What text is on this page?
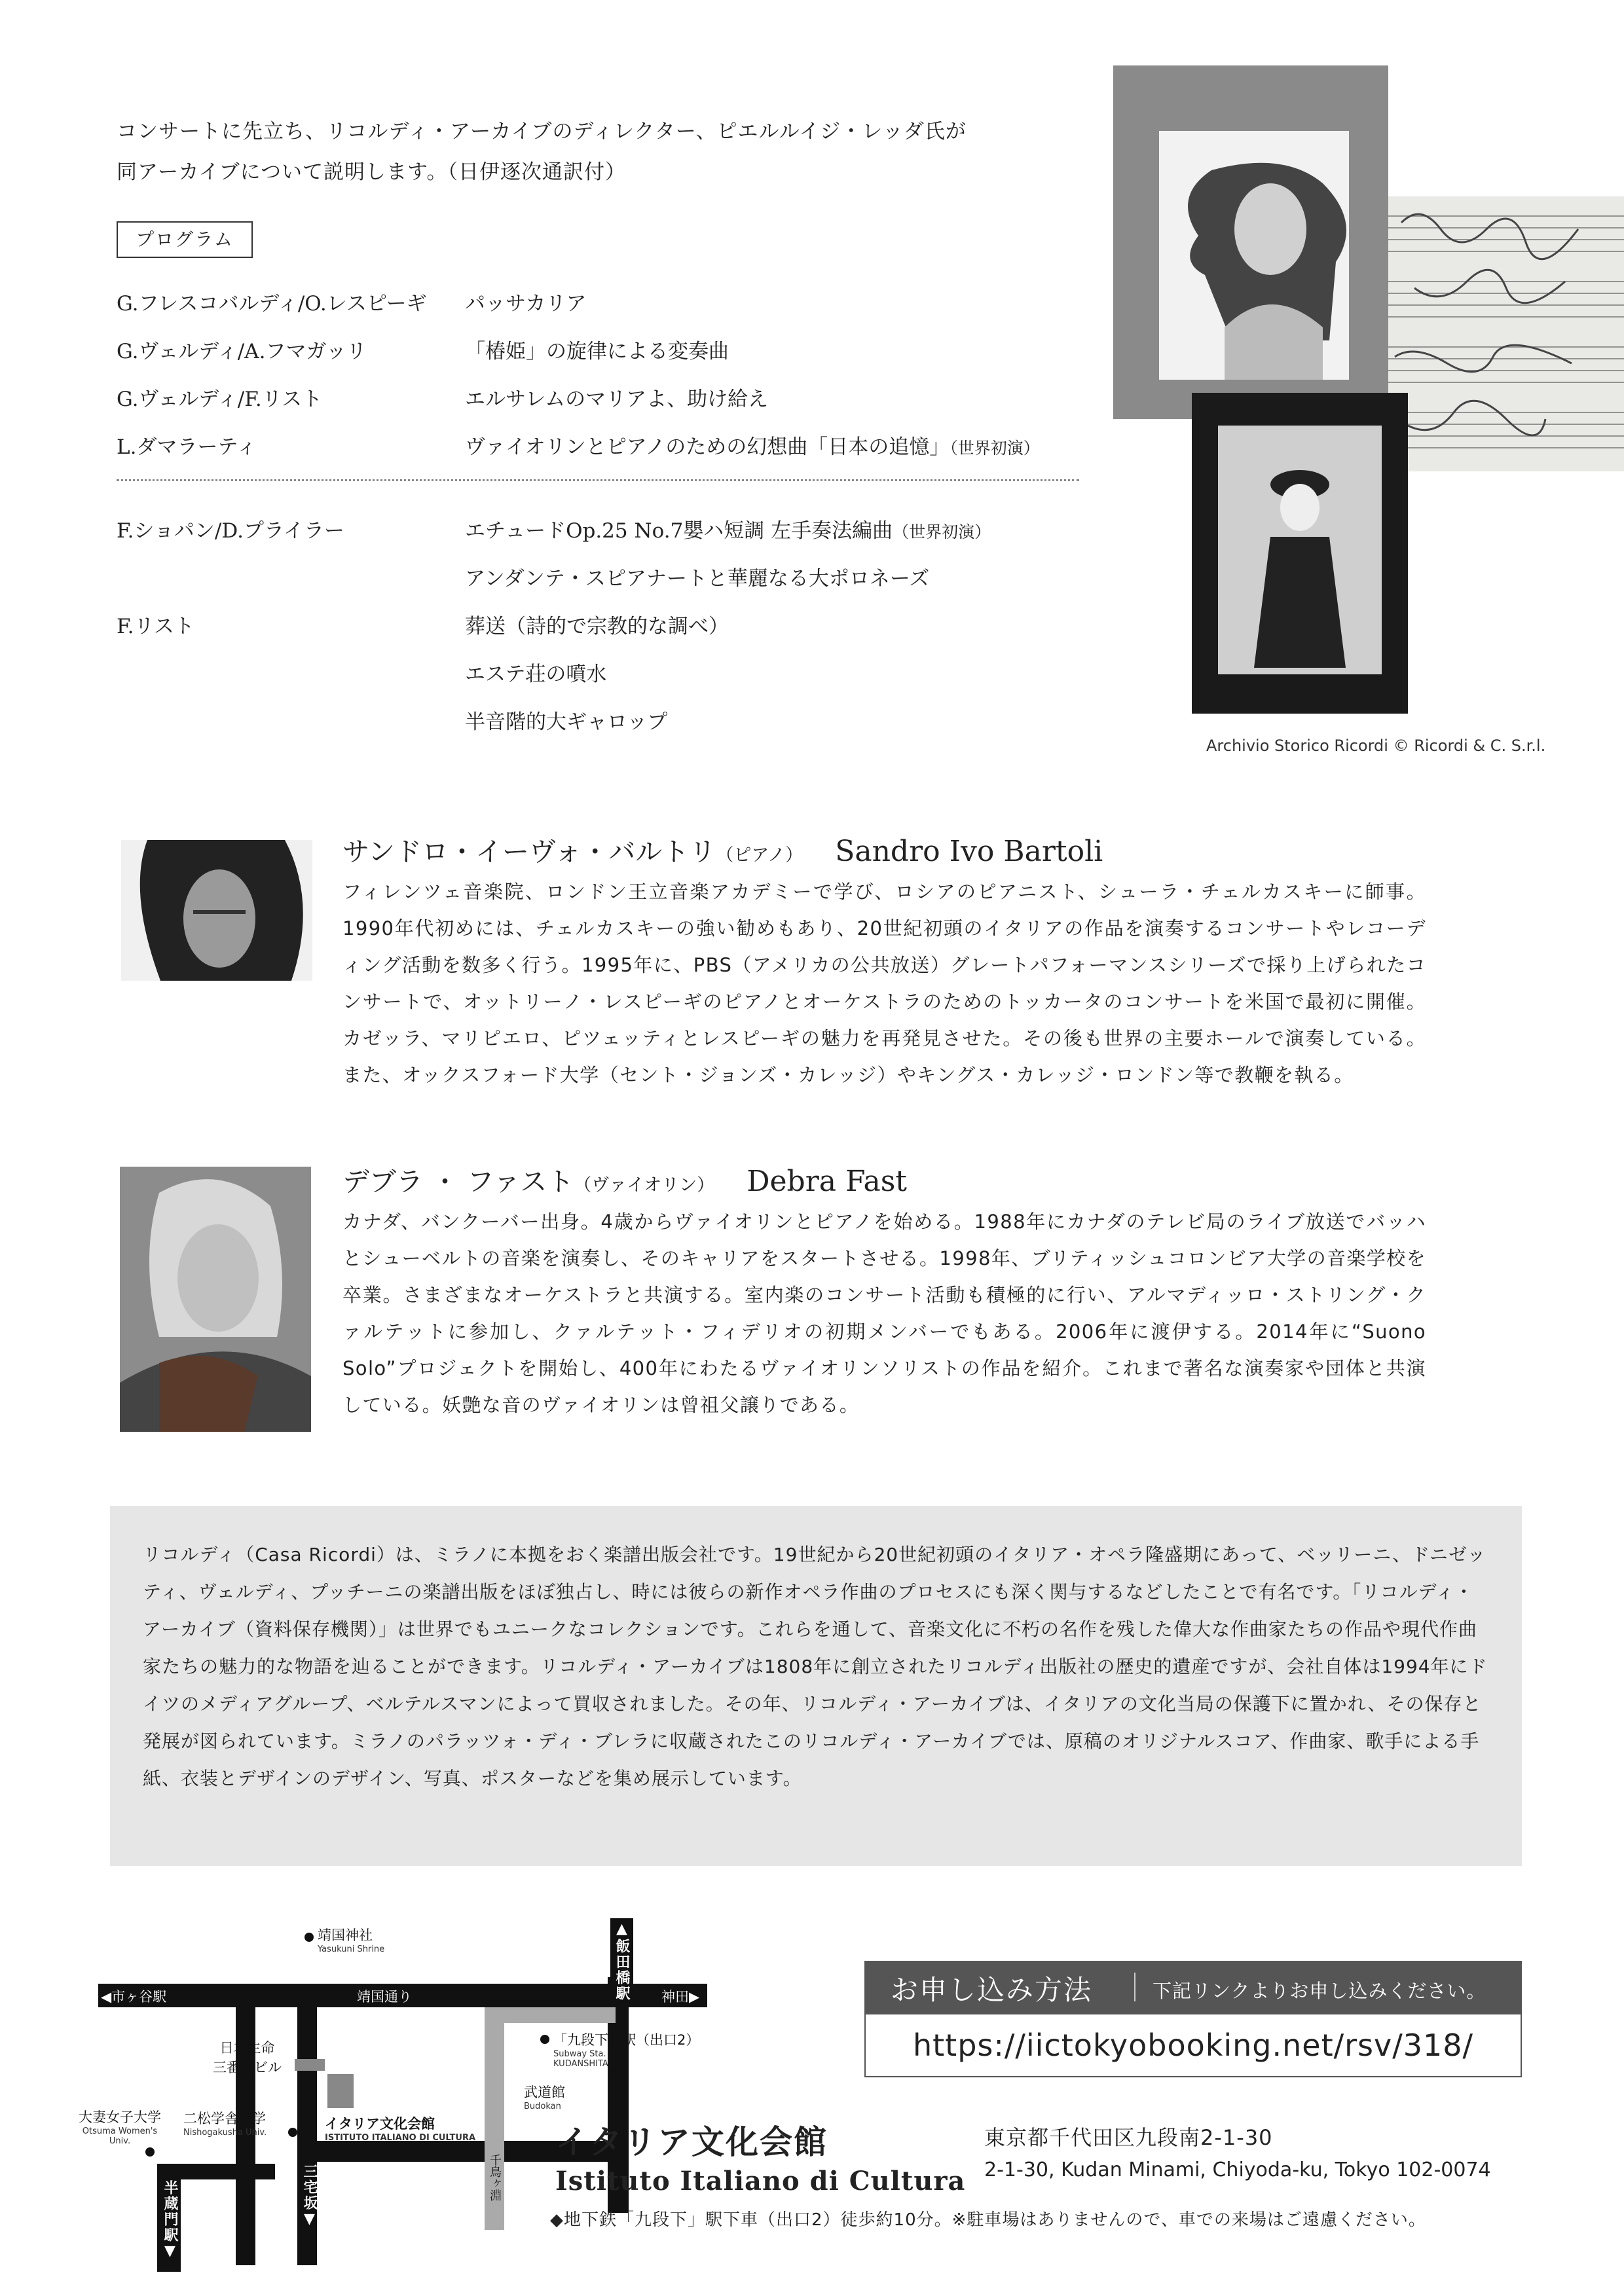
コンサートに先立ち、リコルディ・アーカイブのディレクター、ピエルルイジ・レッダ氏が
同アーカイブについて説明します。（日伊逐次通訳付）
プログラム
G.フレスコバルディ/O.レスピーギ パッサカリア
G.ヴェルディ/A.フマガッリ	「椿姫」の旋律による変奏曲
G.ヴェルディ/F.リスト	エルサレムのマリアよ、助け給え
L.ダマラーティ	ヴァイオリンとピアノのための幻想曲「日本の追憶」（世界初演）
F.ショパン/D.プライラー	エチュードOp.25 No.7嬰ハ短調 左手奏法編曲（世界初演）
アンダンテ・スピアナートと華麗なる大ポロネーズ
F.リスト	葬送（詩的で宗教的な調べ）
エステ荘の噴水
半音階的大ギャロップ
Archivio Storico Ricordi © Ricordi & C. S.r.l.
サンドロ・イーヴォ・バルトリ（ピアノ） Sandro Ivo Bartoli
フィレンツェ音楽院、ロンドン王立音楽アカデミーで学び、ロシアのピアニスト、シューラ・チェルカスキーに師事。1990年代初めには、チェルカスキーの強い勧めもあり、20世紀初頭のイタリアの作品を演奏するコンサートやレコーディング活動を数多く行う。1995年に、PBS（アメリカの公共放送）グレートパフォーマンスシリーズで採り上げられたコンサートで、オットリーノ・レスピーギのピアノとオーケストラのためのトッカータのコンサートを米国で最初に開催。カゼッラ、マリピエロ、ピツェッティとレスピーギの魅力を再発見させた。その後も世界の主要ホールで演奏している。また、オックスフォード大学（セント・ジョンズ・カレッジ）やキングス・カレッジ・ロンドン等で教鞭を執る。
デブラ ・ ファスト（ヴァイオリン） Debra Fast
カナダ、バンクーバー出身。4歳からヴァイオリンとピアノを始める。1988年にカナダのテレビ局のライブ放送でバッハとシューベルトの音楽を演奏し、そのキャリアをスタートさせる。1998年、ブリティッシュコロンビア大学の音楽学校を卒業。さまざまなオーケストラと共演する。室内楽のコンサート活動も積極的に行い、アルマディッロ・ストリング・クァルテットに参加し、クァルテット・フィデリオの初期メンバーでもある。2006年に渡伊する。2014年に“Suono Solo”プロジェクトを開始し、400年にわたるヴァイオリンソリストの作品を紹介。これまで著名な演奏家や団体と共演している。妖艶な音のヴァイオリンは曾祖父譲りである。

リコルディ（Casa Ricordi）は、ミラノに本拠をおく楽譜出版会社です。19世紀から20世紀初頭のイタリア・オペラ隆盛期にあって、ベッリーニ、ドニゼッティ、ヴェルディ、プッチーニの楽譜出版をほぼ独占し、時には彼らの新作オペラ作曲のプロセスにも深く関与するなどしたことで有名です。「リコルディ・アーカイブ（資料保存機関）」は世界でもユニークなコレクションです。これらを通して、音楽文化に不朽の名作を残した偉大な作曲家たちの作品や現代作曲家たちの魅力的な物語を辿ることができます。リコルディ・アーカイブは1808年に創立されたリコルディ出版社の歴史的遺産ですが、会社自体は1994年にドイツのメディアグループ、ベルテルスマンによって買収されました。その年、リコルディ・アーカイブは、イタリアの文化当局の保護下に置かれ、その保存と発展が図られています。ミラノのパラッツォ・ディ・ブレラに収蔵されたこのリコルディ・アーカイブでは、原稿のオリジナルスコア、作曲家、歌手による手紙、衣装とデザインのデザイン、写真、ポスターなどを集め展示しています。

靖国神社
Yasukuni Shrine
◀市ヶ谷駅	靖国通り	神田▶
▲飯田橋駅
「九段下」駅（出口2）
Subway Sta.
KUDANSHITA
武道館
Budokan
日本生命
三番町ビル
イタリア文化会館
ISTITUTO ITALIANO DI CULTURA
大妻女子大学
Otsuma Women's
Univ.
二松学舎大学
Nishogakusha Univ.
千鳥ヶ淵
半蔵門駅▼	三宅坂▼
お申し込み方法	下記リンクよりお申し込みください。
https://iictokyobooking.net/rsv/318/
イタリア文化会館
Istituto Italiano di Cultura
東京都千代田区九段南2-1-30
2-1-30, Kudan Minami, Chiyoda-ku, Tokyo 102-0074
◆地下鉄「九段下」駅下車（出口2）徒歩約10分。※駐車場はありませんので、車での来場はご遠慮ください。
